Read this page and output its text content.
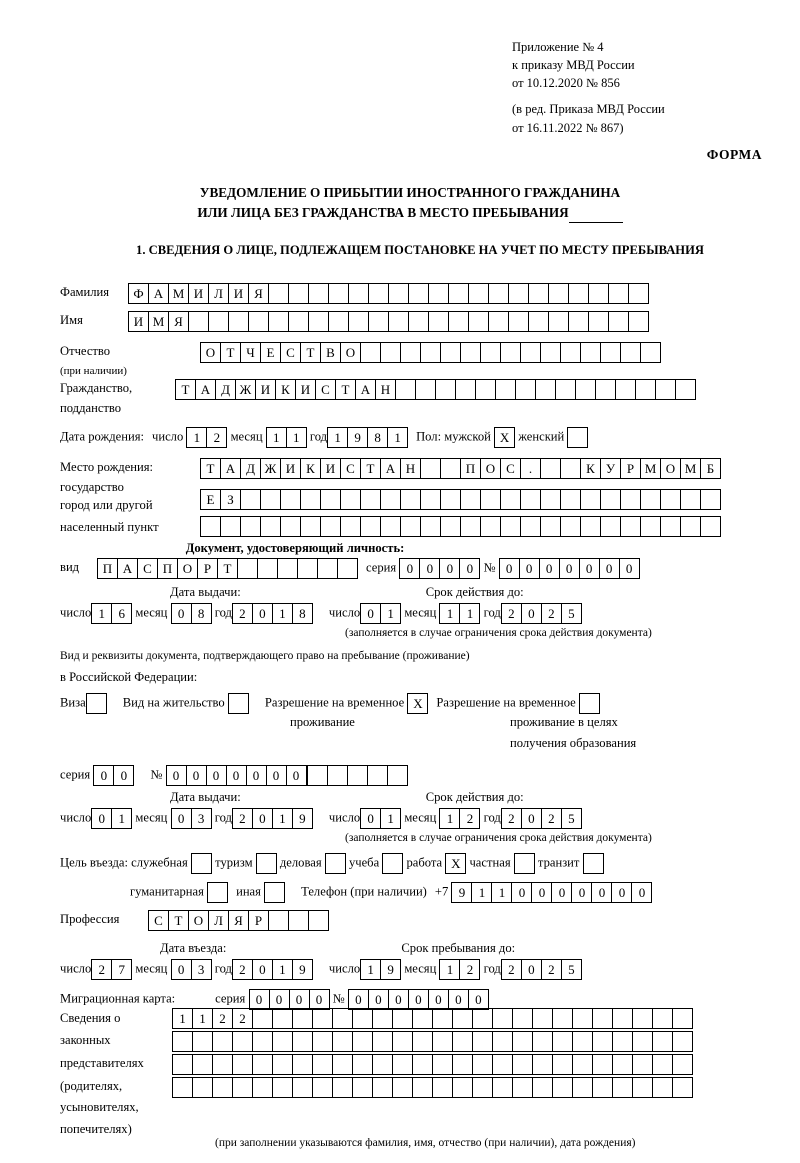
Приложение № 4
к приказу МВД России
от 10.12.2020 № 856
(в ред. Приказа МВД России
от 16.11.2022 № 867)
ФОРМА
УВЕДОМЛЕНИЕ О ПРИБЫТИИ ИНОСТРАННОГО ГРАЖДАНИНА
ИЛИ ЛИЦА БЕЗ ГРАЖДАНСТВА В МЕСТО ПРЕБЫВАНИЯ
1. СВЕДЕНИЯ О ЛИЦЕ, ПОДЛЕЖАЩЕМ ПОСТАНОВКЕ НА УЧЕТ ПО МЕСТУ ПРЕБЫВАНИЯ
Фамилия Ф А М И Л И Я
Имя	И М Я
Отчество	О Т Ч Е С Т В О
(при наличии)
Гражданство,	Т А Д Ж И К И С Т А Н
подданство
Дата рождения: число 1 2 месяц 1 1 год 1 9 8 1 Пол: мужской Х женский
Место рождения:	Т А Д Ж И К И С Т А Н	П О С .	К У Р М О М Б
государство
Е З
город или другой

населенный пункт
Документ, удостоверяющий личность:
вид П А С П О Р Т	серия 0 0 0 0 № 0 0 0 0 0 0 0
Дата выдачи:	Срок действия до:
число 1 6 месяц 0 8 год 2 0 1 8 число 0 1 месяц 1 1 год 2 0 2 5
(заполняется в случае ограничения срока действия документа)
Вид и реквизиты документа, подтверждающего право на пребывание (проживание)
в Российской Федерации:
Виза	Вид на жительство	Разрешение на временное Х Разрешение на временное
проживание	проживание в целях
получения образования
серия 0 0 № 0 0 0 0 0 0 0
Дата выдачи:	Срок действия до:
число 0 1 месяц 0 3 год 2 0 1 9 число 0 1 месяц 1 2 год 2 0 2 5
(заполняется в случае ограничения срока действия документа)
Цель въезда: служебная туризм деловая учеба работа Х частная транзит
гуманитарная	иная	Телефон (при наличии) +7 9 1 1 0 0 0 0 0 0 0
Профессия	С Т О Л Я Р
Дата въезда:	Срок пребывания до:
число 2 7 месяц 0 3 год 2 0 1 9 число 1 9 месяц 1 2 год 2 0 2 5
Миграционная карта:	серия 0 0 0 0 № 0 0 0 0 0 0 0
Сведения о	1 1 2 2
законных
представителях
(родителях,
усыновителях,
попечителях)
(при заполнении указываются фамилия, имя, отчество (при наличии), дата рождения)
